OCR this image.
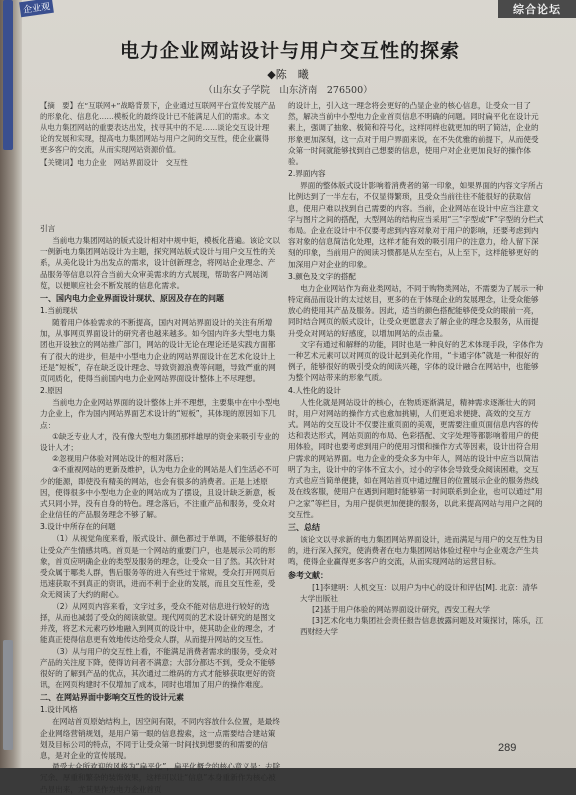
企业观	综合论坛
电力企业网站设计与用户交互性的探索
◆陈　曦
（山东女子学院　山东济南　276500）
【摘　要】在“互联网+”战略背景下，企业通过互联网平台宣传发展产品的形象化、信息化……模板化的最终设计已不能满足人们的需求。本文从电力集团网站的重要表达出发，找寻其中的不足……谈论交互设计理论的发展和实现，提高电力集团网站与用户之间的交互性，使企业赢得更多客户的交流，从而实现网站资源价值。
【关键词】电力企业　网站界面设计　交互性
引言

当前电力集团网站的版式设计相对中规中矩，模板化普遍。该论文以一例新电力集团网站设计为主题，探究网站版式设计与用户交互性的关系，从美化设计为出发点的需求，设计创新理念，将网站企业理念、产品服务等信息以符合当前大众审美需求的方式展现，帮助客户网站浏览，以便顺应社会不断发展的信息化需求。

一、国内电力企业界面设计现状、原因及存在的问题
1.当前现状

随着用户体验需求的不断提高，国内对网站界面设计的关注有所增加，从事网页界面设计的研究者也越来越多。如今国内许多大型电力集团也开设独立的网站推广部门，网站的设计无论在理论还是实践方面都有了很大的进步，但是中小型电力企业的网站界面设计在艺术化设计上还是“短板”，存在缺乏设计理念、导致资源浪费等问题，导致严重的网页同质化，使得当前国内电力企业网站界面设计整体上不尽理想。

2.原因

当前电力企业网站界面的设计整体上并不理想，主要集中在中小型电力企业上，作为国内网站界面艺术设计的“短板”，其体现的原因如下几点：

①缺乏专业人才，没有像大型电力集团那样雄厚的资金来吸引专业的设计人才；

②忽视用户体验对网站设计的相对落后；

③不重视网站的更新及维护，认为电力企业的网站是人们生活必不可少的能源，即使没有精美的网站，也会有很多的消费者。正是上述原因，使得很多中小型电力企业的网站成为了摆设，且设计缺乏新意，板式只同小异，没有自身的特色。理念落后，不注重产品和服务，受众对企业信任的产品服务理念不够了解。

3.设计中所存在的问题

（1）从视觉角度来看，版式设计、颜色都过于单调，不能够很好的让受众产生情感共鸣。首页是一个网站的重要门户，也是展示公司的形象，首页应明确企业的类型及服务的理念，让受众一目了然。其次针对受众属于哪类人群，售后服务等的进入有些过于常规，受众打开网页后迅速获取不到真正的资讯，进而不利于企业的发展，而且交互性差，受众无阅读了大约的耐心。

（2）从网页内容来看，文字过多，受众不能对信息进行较好的选择，从而也减弱了受众的阅读欲望。现代网页的艺术设计研究的是图文并茂，将艺术元素巧妙地融入到网页的设计中，使其助企业的理念，才能真正使得信息更有效地传达给受众人群，从而提升网站的交互性。

（3）从与用户的交互性上看，不能满足消费者需求的服务，受众对产品的关注度下降，使得访问者不满意；大部分都达不到，受众不能够很好的了解到产品的优点，其次通过二维码的方式才能够获取更好的资讯，在网页构建时不仅增加了成本，同时也增加了用户的操作难度。

二、在网站界面中影响交互性的设计元素
1.设计风格

在网站首页原始结构上，因空间有限，不同内容放什么位置，是最终企业网络营销规划，是用户第一眼的信息搜索，这一点需要结合建站策划及目标公司的特点，不同于让受众第一时间找到想要的和需要的信息，是对企业的宣传展现。

最受大众所欢迎的风格为“扁平化”，扁平化概念的核心意义是：去除冗余、厚重和繁杂的装饰效果，这样可以让“信息”本身重新作为核心被凸显出来，尤其是作为电力企业首页

的设计上，引入这一理念将会更好的凸显企业的核心信息，让受众一目了然，解决当前中小型电力企业首页信息不明确的问题。同时扁平化在设计元素上，强调了抽象、极简和符号化，这样同样也就更加的明了简洁，企业的形象更加深刻，这一点对于用户界面来说，在不失优雅的前提下，从而使受众第一时间就能够找到自己想要的信息，使用户对企业更加良好的操作体验。

2.界面内容

界面的整体版式设计影响着消费者的第一印象，如果界面的内容文字所占比例达到了一半左右，不仅显得繁琐，且受众当前往往不能很好的获取信息，使用户难以找到自己需要的内容。当前，企业网站在设计中应当注意文字与图片之间的搭配，大型网站的结构应当采用“三”字型或“F”字型的分栏式布局。企业在设计中不仅要考虑到内容对象对于用户的影响，还要考虑到内容对象的信息简洁化处理，这样才能有效的吸引用户的注意力，给人留下深刻的印象，当前用户的阅读习惯都是从左至右，从上至下，这样能够更好的加深用户对企业的印象。

3.颜色及文字的搭配

电力企业网站作为商业类网站，不同于购物类网站，不需要为了展示一种特定商品而设计的太过炫目，更多的在于体现企业的发展理念，让受众能够放心的使用其产品及服务。因此，适当的颜色搭配能够使受众的眼前一亮，同时结合网页的版式设计，让受众更愿意去了解企业的理念及服务，从而提升受众对网站的好感度，以增加网站的点击量。

文字有通过和解释的功能，同时也是一种良好的艺术体现手段，字体作为一种艺术元素可以对网页的设计起到美化作用，“卡通字体”就是一种很好的例子，能够很好的吸引受众的阅读兴趣，字体的设计融合在网站中，也能够为整个网站带来的形象气质。

4.人性化的设计

人性化就是网站设计的核心，在物质逐渐满足，精神需求逐渐壮大的同时，用户对网站的操作方式也愈加挑剔，人们更追求便捷、高效的交互方式。网站的交互设计不仅要注重页面的美观，更需要注重页面信息内容的传达和表达形式，网站页面的布局、色彩搭配、文字处理等都影响着用户的使用体验，同时也要考虑到用户的使用习惯和操作方式等因素，设计出符合用户需求的网站界面。电力企业的受众多为中年人，网站的设计中应当以简洁明了为主，设计中的字体不宜太小，过小的字体会导致受众阅读困难，交互方式也应当简单便捷，如在网站首页中通过醒目的位置展示企业的服务热线及在线客服，使用户在遇到问题时能够第一时间联系到企业，也可以通过“用户之家”等栏目，为用户提供更加便捷的服务，以此来提高网站与用户之间的交互性。

三、总结

该论文以寻求新的电力集团网站界面设计，进而满足与用户的交互性为目的，进行深入探究，使消费者在电力集团网站体验过程中与企业观念产生共鸣，使得企业赢得更多客户的交流，从而实现网站的运营目标。

参考文献：

[1]李建明：人机交互：以用户为中心的设计和评估[M]. 北京：清华大学出版社

[2]基于用户体验的网站界面设计研究，西安工程大学

[3]艺术化电力集团社会责任报告信息披露问题及对策探讨，陈乐，江西财经大学

289
